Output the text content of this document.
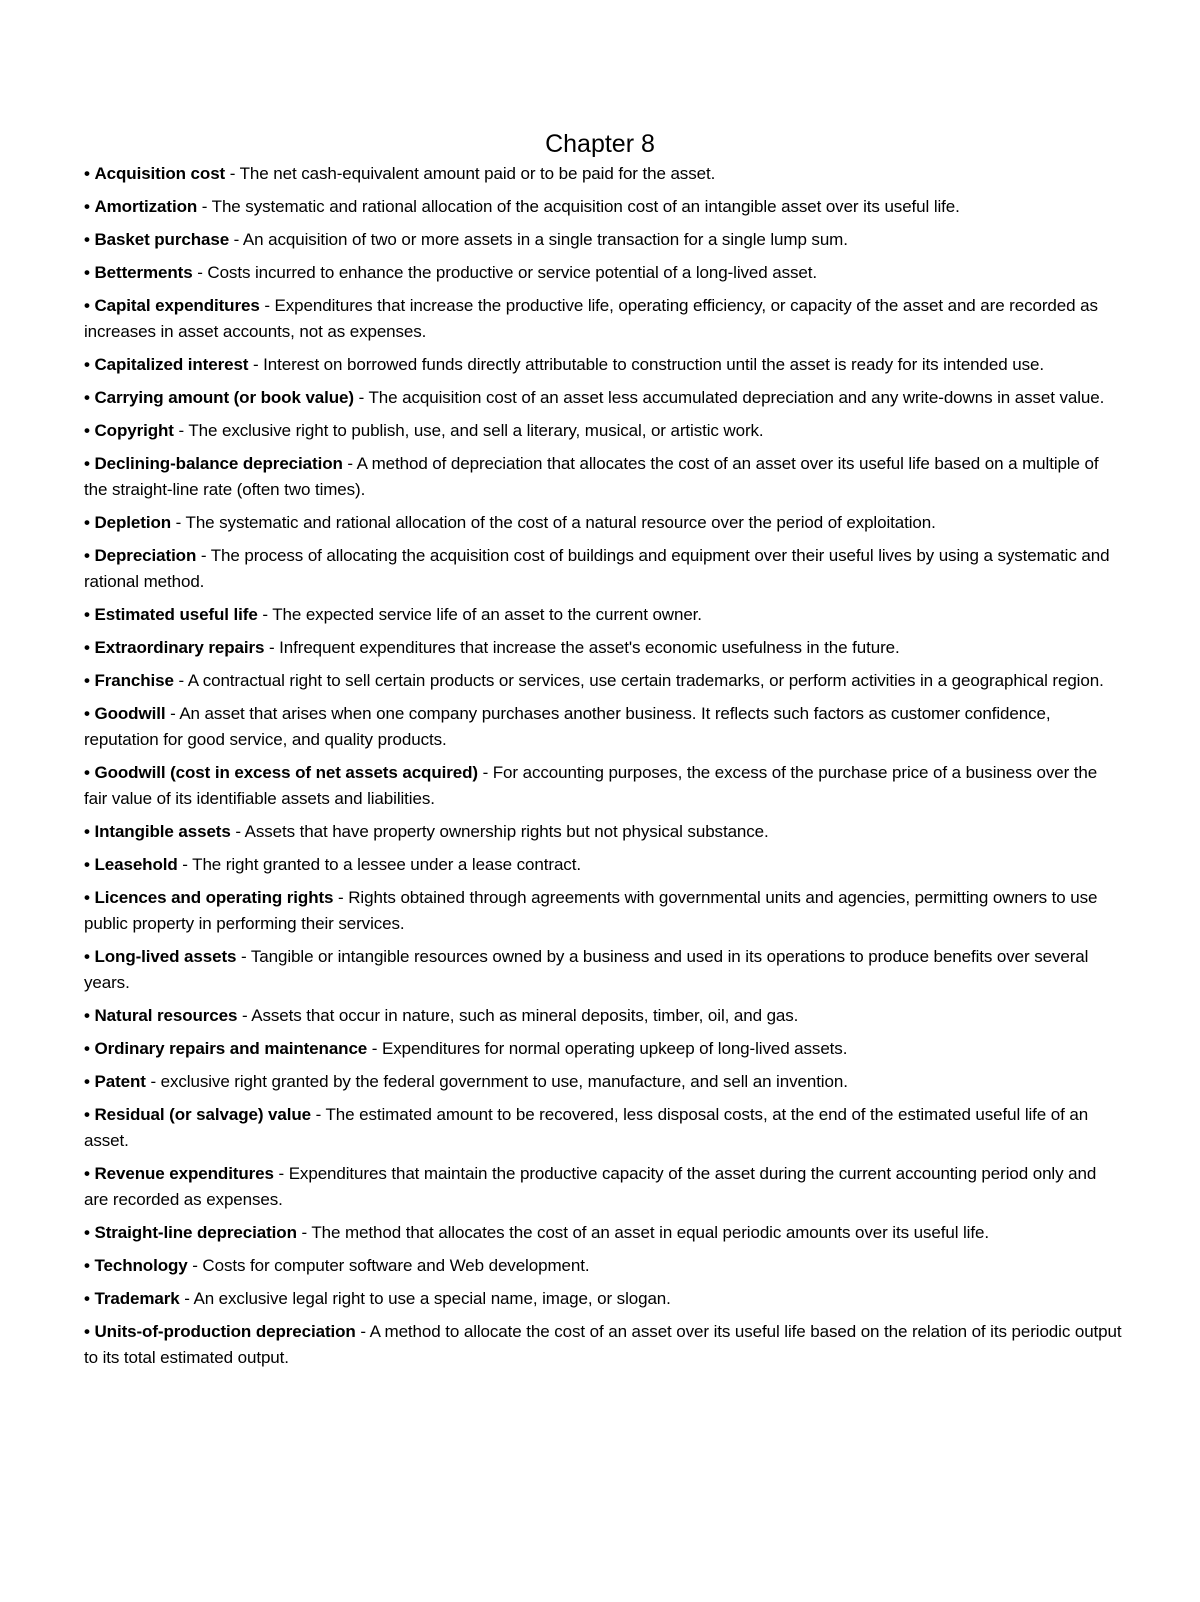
Chapter 8
• Acquisition cost - The net cash-equivalent amount paid or to be paid for the asset.
• Amortization - The systematic and rational allocation of the acquisition cost of an intangible asset over its useful life.
• Basket purchase - An acquisition of two or more assets in a single transaction for a single lump sum.
• Betterments - Costs incurred to enhance the productive or service potential of a long-lived asset.
• Capital expenditures - Expenditures that increase the productive life, operating efficiency, or capacity of the asset and are recorded as increases in asset accounts, not as expenses.
• Capitalized interest - Interest on borrowed funds directly attributable to construction until the asset is ready for its intended use.
• Carrying amount (or book value) - The acquisition cost of an asset less accumulated depreciation and any write-downs in asset value.
• Copyright - The exclusive right to publish, use, and sell a literary, musical, or artistic work.
• Declining-balance depreciation - A method of depreciation that allocates the cost of an asset over its useful life based on a multiple of the straight-line rate (often two times).
• Depletion - The systematic and rational allocation of the cost of a natural resource over the period of exploitation.
• Depreciation - The process of allocating the acquisition cost of buildings and equipment over their useful lives by using a systematic and rational method.
• Estimated useful life - The expected service life of an asset to the current owner.
• Extraordinary repairs - Infrequent expenditures that increase the asset's economic usefulness in the future.
• Franchise - A contractual right to sell certain products or services, use certain trademarks, or perform activities in a geographical region.
• Goodwill - An asset that arises when one company purchases another business. It reflects such factors as customer confidence, reputation for good service, and quality products.
• Goodwill (cost in excess of net assets acquired) - For accounting purposes, the excess of the purchase price of a business over the fair value of its identifiable assets and liabilities.
• Intangible assets - Assets that have property ownership rights but not physical substance.
• Leasehold - The right granted to a lessee under a lease contract.
• Licences and operating rights - Rights obtained through agreements with governmental units and agencies, permitting owners to use public property in performing their services.
• Long-lived assets - Tangible or intangible resources owned by a business and used in its operations to produce benefits over several years.
• Natural resources - Assets that occur in nature, such as mineral deposits, timber, oil, and gas.
• Ordinary repairs and maintenance - Expenditures for normal operating upkeep of long-lived assets.
• Patent - exclusive right granted by the federal government to use, manufacture, and sell an invention.
• Residual (or salvage) value - The estimated amount to be recovered, less disposal costs, at the end of the estimated useful life of an asset.
• Revenue expenditures - Expenditures that maintain the productive capacity of the asset during the current accounting period only and are recorded as expenses.
• Straight-line depreciation - The method that allocates the cost of an asset in equal periodic amounts over its useful life.
• Technology - Costs for computer software and Web development.
• Trademark - An exclusive legal right to use a special name, image, or slogan.
• Units-of-production depreciation - A method to allocate the cost of an asset over its useful life based on the relation of its periodic output to its total estimated output.
